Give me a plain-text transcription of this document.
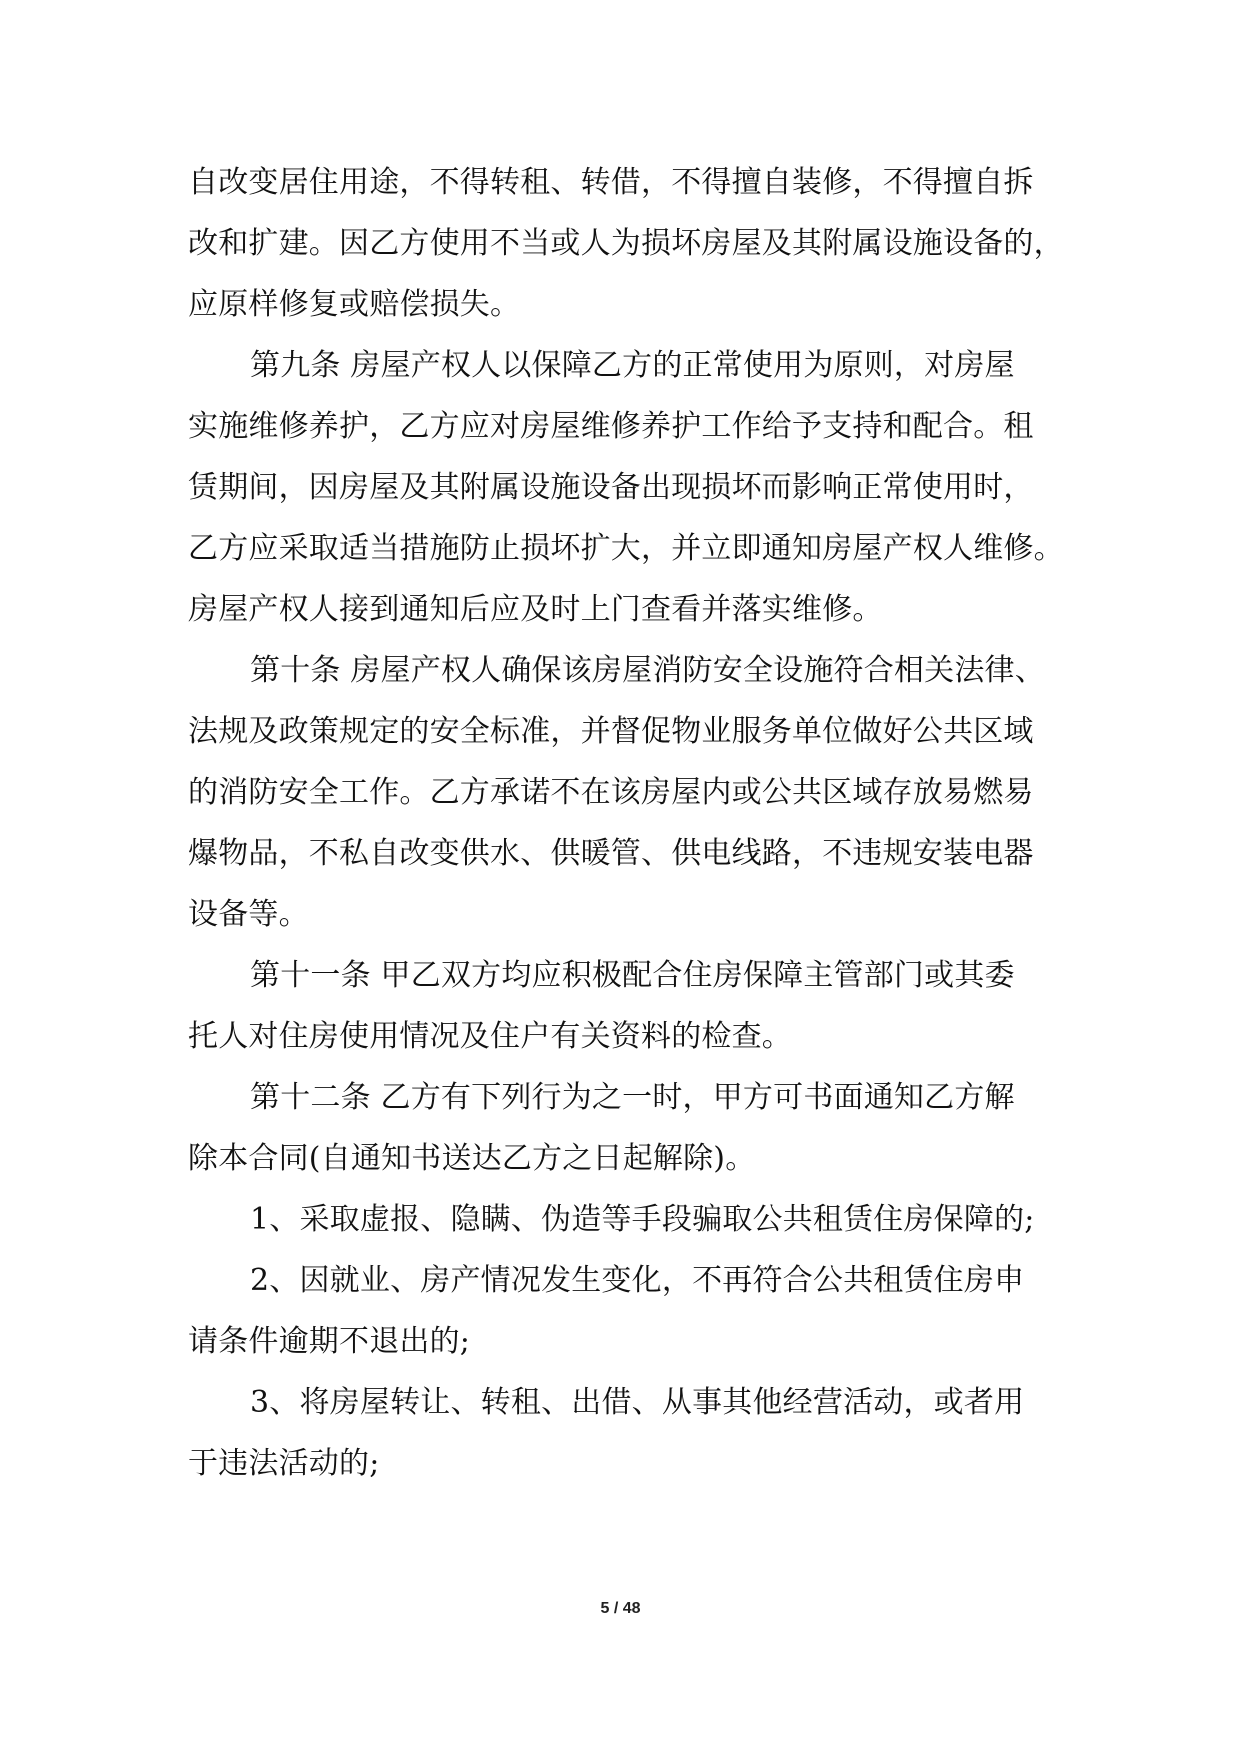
自改变居住用途，不得转租、转借，不得擅自装修，不得擅自拆
改和扩建。因乙方使用不当或人为损坏房屋及其附属设施设备的，
应原样修复或赔偿损失。
第九条 房屋产权人以保障乙方的正常使用为原则，对房屋
实施维修养护，乙方应对房屋维修养护工作给予支持和配合。租
赁期间，因房屋及其附属设施设备出现损坏而影响正常使用时，
乙方应采取适当措施防止损坏扩大，并立即通知房屋产权人维修。
房屋产权人接到通知后应及时上门查看并落实维修。
第十条 房屋产权人确保该房屋消防安全设施符合相关法律、
法规及政策规定的安全标准，并督促物业服务单位做好公共区域
的消防安全工作。乙方承诺不在该房屋内或公共区域存放易燃易
爆物品，不私自改变供水、供暖管、供电线路，不违规安装电器
设备等。
第十一条 甲乙双方均应积极配合住房保障主管部门或其委
托人对住房使用情况及住户有关资料的检查。
第十二条 乙方有下列行为之一时，甲方可书面通知乙方解
除本合同(自通知书送达乙方之日起解除)。
1、采取虚报、隐瞒、伪造等手段骗取公共租赁住房保障的;
2、因就业、房产情况发生变化，不再符合公共租赁住房申
请条件逾期不退出的;
3、将房屋转让、转租、出借、从事其他经营活动，或者用
于违法活动的;
5 / 48
